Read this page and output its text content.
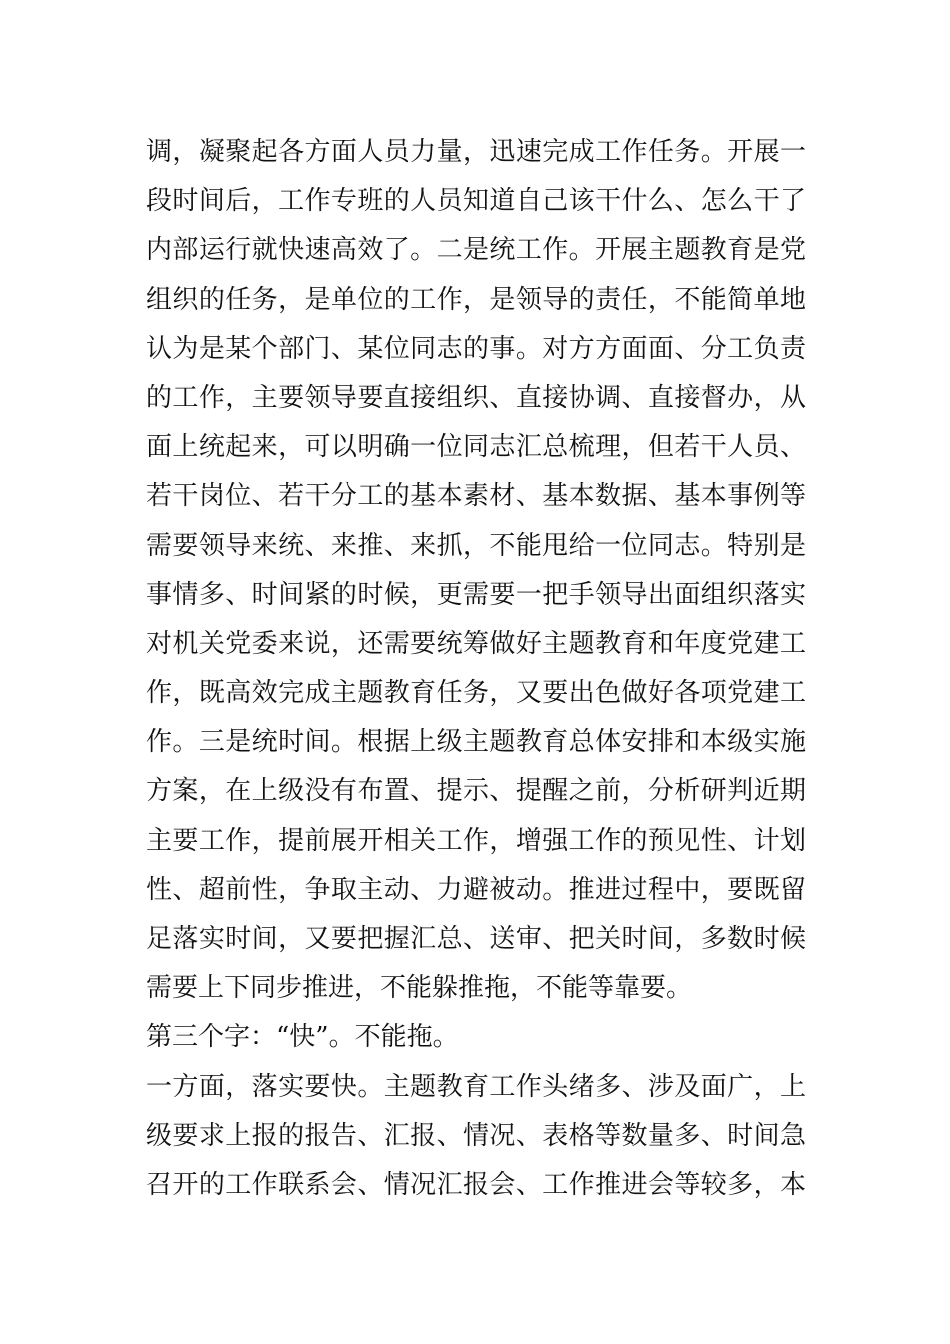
调，凝聚起各方面人员力量，迅速完成工作任务。开展一
段时间后，工作专班的人员知道自己该干什么、怎么干了
内部运行就快速高效了。二是统工作。开展主题教育是党
组织的任务，是单位的工作，是领导的责任，不能简单地
认为是某个部门、某位同志的事。对方方面面、分工负责
的工作，主要领导要直接组织、直接协调、直接督办，从
面上统起来，可以明确一位同志汇总梳理，但若干人员、
若干岗位、若干分工的基本素材、基本数据、基本事例等
需要领导来统、来推、来抓，不能甩给一位同志。特别是
事情多、时间紧的时候，更需要一把手领导出面组织落实
对机关党委来说，还需要统筹做好主题教育和年度党建工
作，既高效完成主题教育任务，又要出色做好各项党建工
作。三是统时间。根据上级主题教育总体安排和本级实施
方案，在上级没有布置、提示、提醒之前，分析研判近期
主要工作，提前展开相关工作，增强工作的预见性、计划
性、超前性，争取主动、力避被动。推进过程中，要既留
足落实时间，又要把握汇总、送审、把关时间，多数时候
需要上下同步推进，不能躲推拖，不能等靠要。
第三个字：“快”。不能拖。
一方面，落实要快。主题教育工作头绪多、涉及面广，上
级要求上报的报告、汇报、情况、表格等数量多、时间急
召开的工作联系会、情况汇报会、工作推进会等较多，本
